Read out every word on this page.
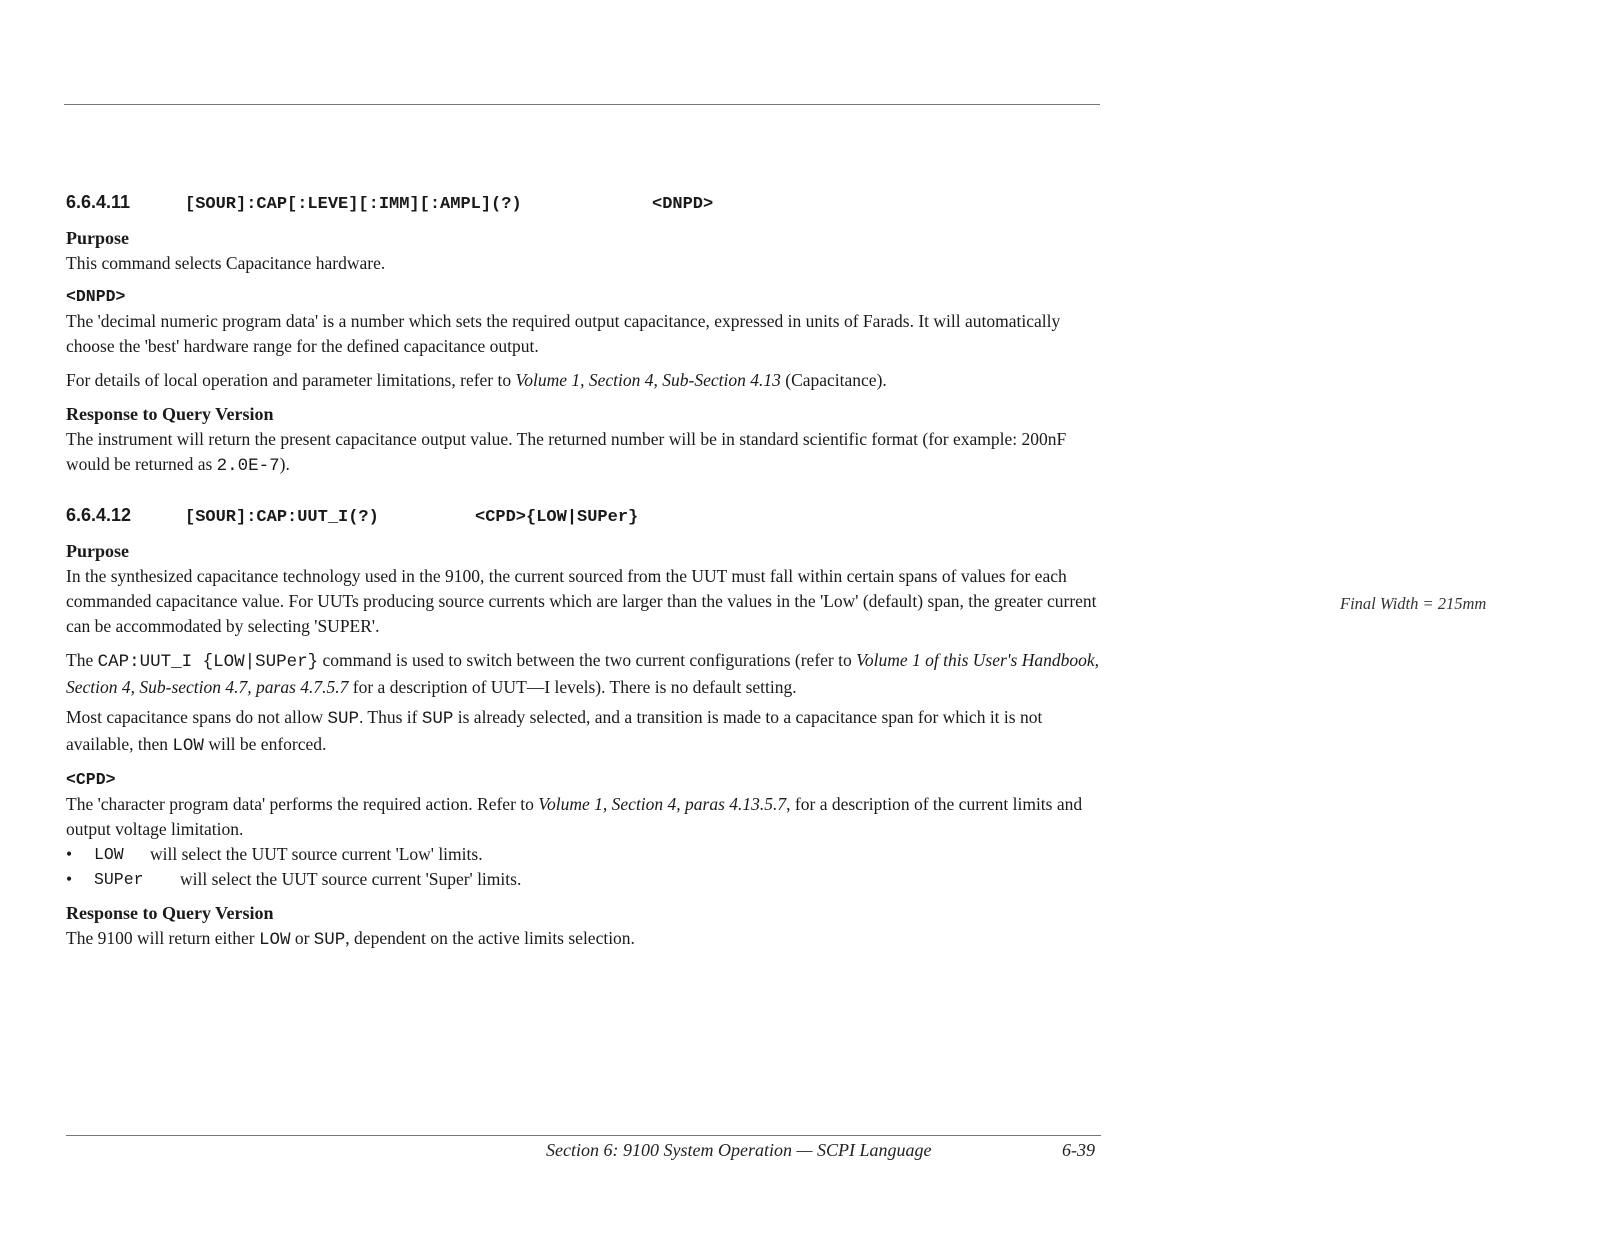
6.6.4.11	[SOUR]:CAP[:LEVE][:IMM][:AMPL](?)	<DNPD>
Purpose

This command selects Capacitance hardware.

<DNPD>

The 'decimal numeric program data' is a number which sets the required output capacitance, expressed in units of Farads. It will automatically choose the 'best' hardware range for the defined capacitance output.

For details of local operation and parameter limitations, refer to Volume 1, Section 4, Sub-Section 4.13 (Capacitance).

Response to Query Version

The instrument will return the present capacitance output value. The returned number will be in standard scientific format (for example: 200nF would be returned as 2.0E-7).

6.6.4.12	[SOUR]:CAP:UUT_I(?)	<CPD>{LOW|SUPer}
Purpose

In the synthesized capacitance technology used in the 9100, the current sourced from the UUT must fall within certain spans of values for each commanded capacitance value. For UUTs producing source currents which are larger than the values in the 'Low' (default) span, the greater current can be accommodated by selecting 'SUPER'.

The CAP:UUT_I {LOW|SUPer} command is used to switch between the two current configurations (refer to Volume 1 of this User's Handbook, Section 4, Sub-section 4.7, paras 4.7.5.7 for a description of UUT—I levels). There is no default setting.

Most capacitance spans do not allow SUP. Thus if SUP is already selected, and a transition is made to a capacitance span for which it is not available, then LOW will be enforced.

<CPD>

The 'character program data' performs the required action. Refer to Volume 1, Section 4, paras 4.13.5.7, for a description of the current limits and output voltage limitation.

•	LOW	will select the UUT source current 'Low' limits.
•	SUPer	will select the UUT source current 'Super' limits.
Response to Query Version

The 9100 will return either LOW or SUP, dependent on the active limits selection.

Final Width = 215mm
Section 6: 9100 System Operation — SCPI Language	6-39
